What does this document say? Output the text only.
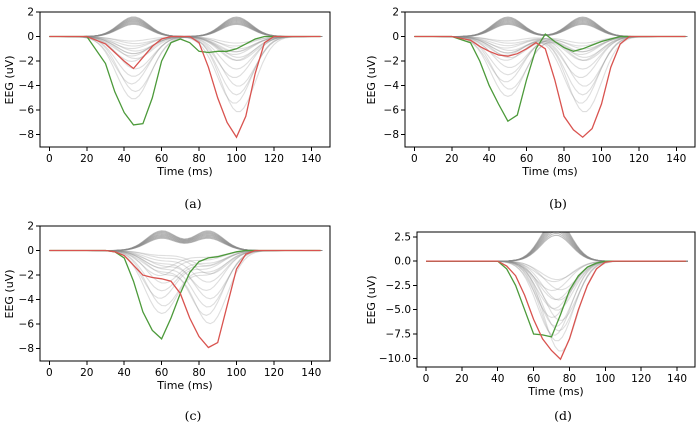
0	20 40 60 80 100 120 140
2
0
−2
−4
−6
−8
Time (ms)
EEG (uV)
(a)
0	20 40 60 80 100 120 140
2
0
−2
−4
−6
−8
Time (ms)
EEG (uV)
(b)
0	20 40 60 80 100 120 140
2
0
−2
−4
−6
−8
Time (ms)
EEG (uV)
(c)
0 20 40 60 80 100 120 140
2.5
0.0
−2.5
−5.0
−7.5
−10.0
Time (ms)
EEG (uV)
(d)
